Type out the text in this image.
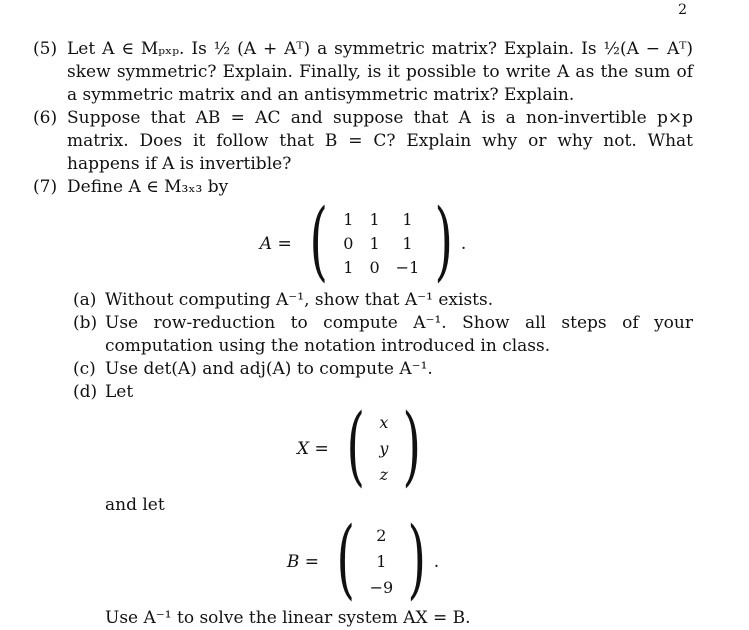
2
(5) Let A ∈ Mₚₓₚ. Is ½ (A + Aᵀ) a symmetric matrix? Explain. Is ½(A − Aᵀ) skew symmetric? Explain. Finally, is it possible to write A as the sum of a symmetric matrix and an antisymmetric matrix? Explain.
(6) Suppose that AB = AC and suppose that A is a non-invertible p×p matrix. Does it follow that B = C? Explain why or why not. What happens if A is invertible?
(7) Define A ∈ M₃ₓ₃ by
A = ( 1	1	1
0	1	1
1	0	−1 ) .
(a) Without computing A⁻¹, show that A⁻¹ exists.
(b) Use row-reduction to compute A⁻¹. Show all steps of your computation using the notation introduced in class.
(c) Use det(A) and adj(A) to compute A⁻¹.
(d) Let
X = ( x
y
z )
and let
B = ( 2
1
−9 ) .
Use A⁻¹ to solve the linear system AX = B.
